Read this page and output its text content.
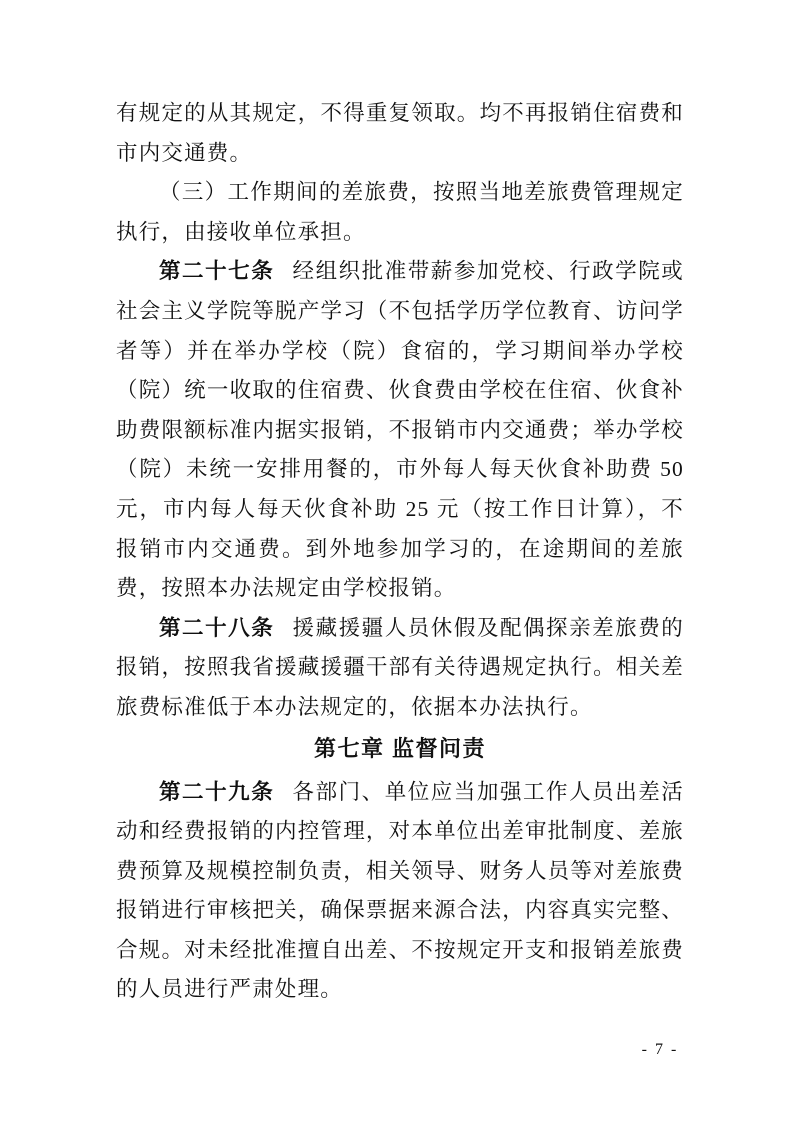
有规定的从其规定，不得重复领取。均不再报销住宿费和市内交通费。

（三）工作期间的差旅费，按照当地差旅费管理规定执行，由接收单位承担。

第二十七条 经组织批准带薪参加党校、行政学院或社会主义学院等脱产学习（不包括学历学位教育、访问学者等）并在举办学校（院）食宿的，学习期间举办学校（院）统一收取的住宿费、伙食费由学校在住宿、伙食补助费限额标准内据实报销，不报销市内交通费；举办学校（院）未统一安排用餐的，市外每人每天伙食补助费 50 元，市内每人每天伙食补助 25 元（按工作日计算），不报销市内交通费。到外地参加学习的，在途期间的差旅费，按照本办法规定由学校报销。

第二十八条 援藏援疆人员休假及配偶探亲差旅费的报销，按照我省援藏援疆干部有关待遇规定执行。相关差旅费标准低于本办法规定的，依据本办法执行。

第七章 监督问责

第二十九条 各部门、单位应当加强工作人员出差活动和经费报销的内控管理，对本单位出差审批制度、差旅费预算及规模控制负责，相关领导、财务人员等对差旅费报销进行审核把关，确保票据来源合法，内容真实完整、合规。对未经批准擅自出差、不按规定开支和报销差旅费的人员进行严肃处理。

- 7 -
